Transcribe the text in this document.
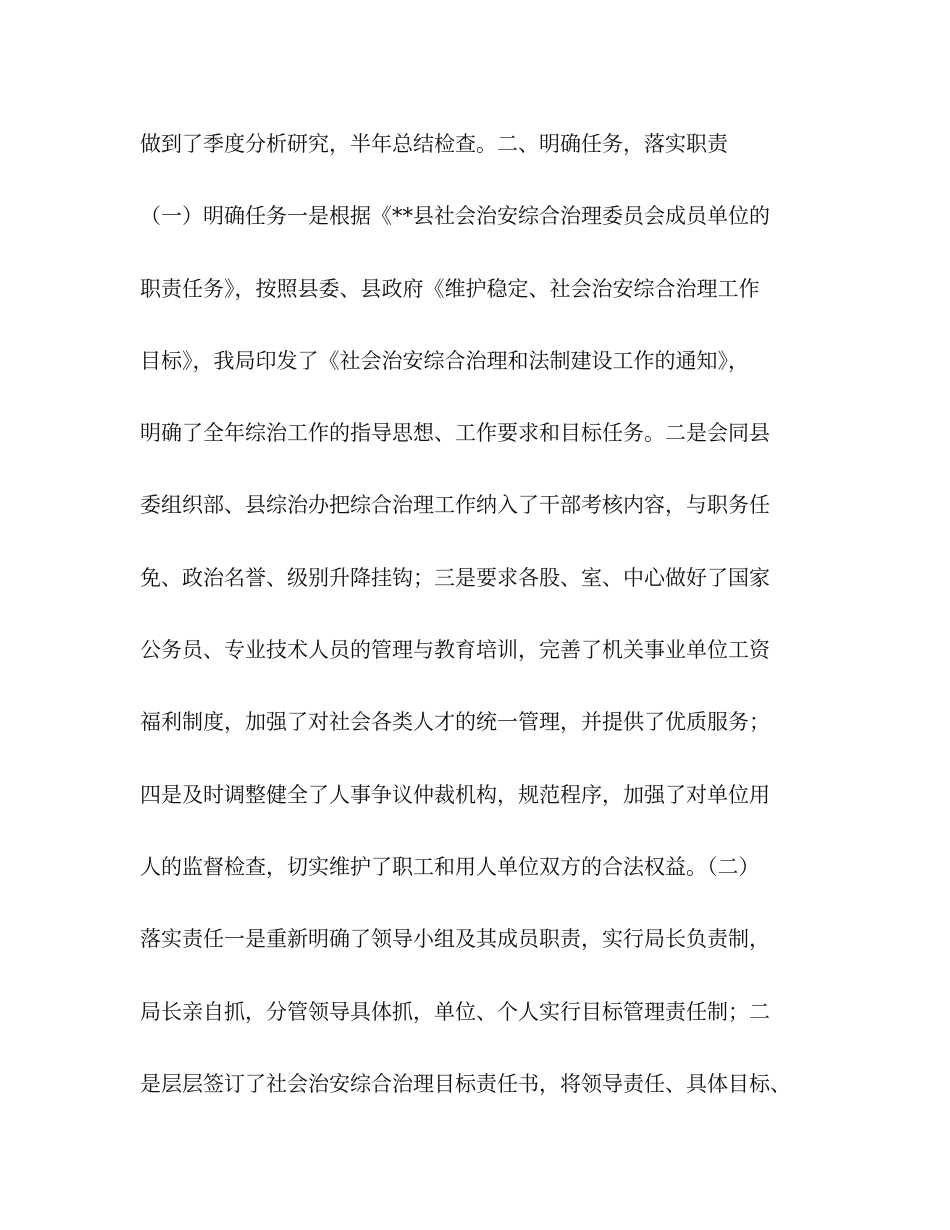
做到了季度分析研究，半年总结检查。二、明确任务，落实职责
（一）明确任务一是根据《**县社会治安综合治理委员会成员单位的
职责任务》，按照县委、县政府《维护稳定、社会治安综合治理工作
目标》，我局印发了《社会治安综合治理和法制建设工作的通知》，
明确了全年综治工作的指导思想、工作要求和目标任务。二是会同县
委组织部、县综治办把综合治理工作纳入了干部考核内容，与职务任
免、政治名誉、级别升降挂钩；三是要求各股、室、中心做好了国家
公务员、专业技术人员的管理与教育培训，完善了机关事业单位工资
福利制度，加强了对社会各类人才的统一管理，并提供了优质服务；
四是及时调整健全了人事争议仲裁机构，规范程序，加强了对单位用
人的监督检查，切实维护了职工和用人单位双方的合法权益。（二）
落实责任一是重新明确了领导小组及其成员职责，实行局长负责制，
局长亲自抓，分管领导具体抓，单位、个人实行目标管理责任制；二
是层层签订了社会治安综合治理目标责任书，将领导责任、具体目标、
